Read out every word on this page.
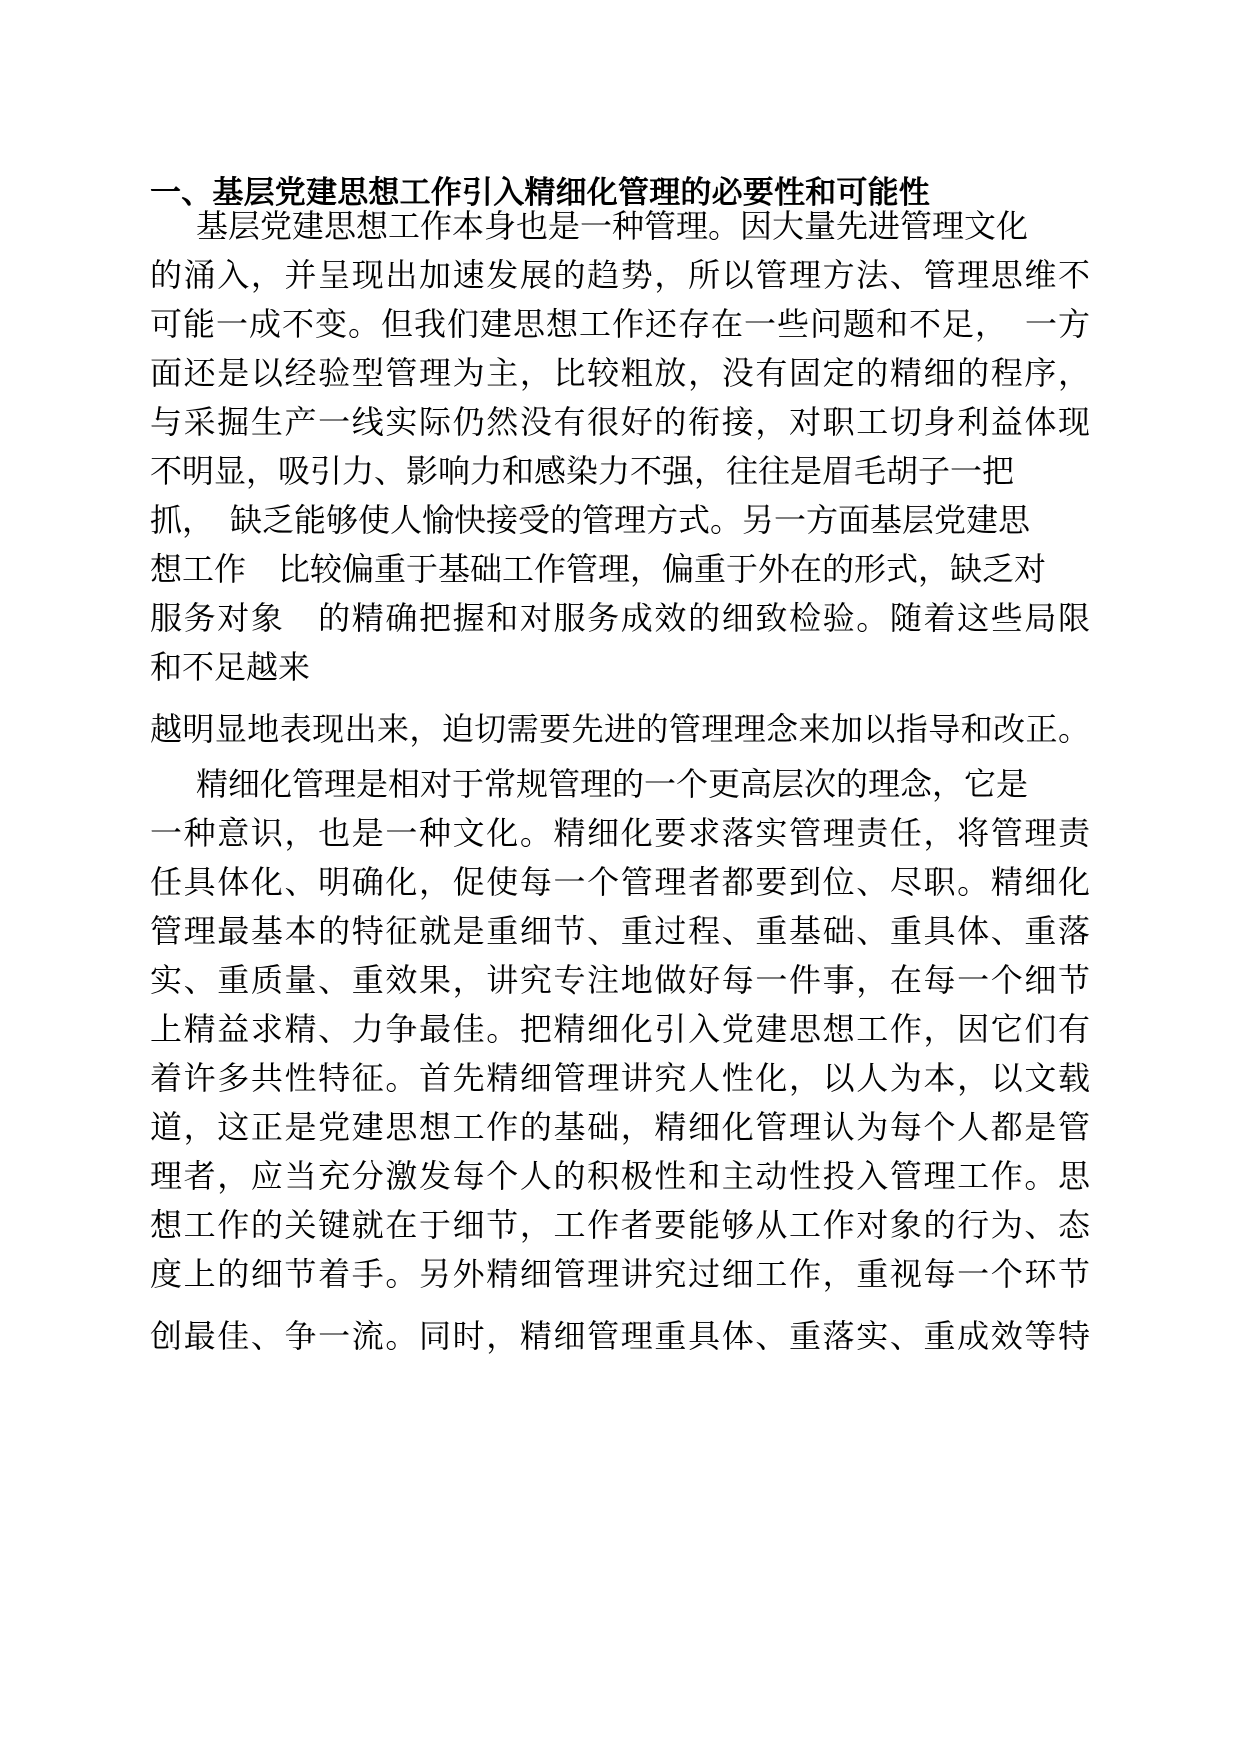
一、基层党建思想工作引入精细化管理的必要性和可能性
基层党建思想工作本身也是一种管理。因大量先进管理文化
的涌入，并呈现出加速发展的趋势，所以管理方法、管理思维不
可能一成不变。但我们建思想工作还存在一些问题和不足，　一方
面还是以经验型管理为主，比较粗放，没有固定的精细的程序，
与采掘生产一线实际仍然没有很好的衔接，对职工切身利益体现
不明显，吸引力、影响力和感染力不强，往往是眉毛胡子一把
抓，　缺乏能够使人愉快接受的管理方式。另一方面基层党建思
想工作　比较偏重于基础工作管理，偏重于外在的形式，缺乏对
服务对象　的精确把握和对服务成效的细致检验。随着这些局限
和不足越来
越明显地表现出来，迫切需要先进的管理理念来加以指导和改正。
精细化管理是相对于常规管理的一个更高层次的理念，它是
一种意识，也是一种文化。精细化要求落实管理责任，将管理责
任具体化、明确化，促使每一个管理者都要到位、尽职。精细化
管理最基本的特征就是重细节、重过程、重基础、重具体、重落
实、重质量、重效果，讲究专注地做好每一件事，在每一个细节
上精益求精、力争最佳。把精细化引入党建思想工作，因它们有
着许多共性特征。首先精细管理讲究人性化，以人为本，以文载
道，这正是党建思想工作的基础，精细化管理认为每个人都是管
理者，应当充分激发每个人的积极性和主动性投入管理工作。思
想工作的关键就在于细节，工作者要能够从工作对象的行为、态
度上的细节着手。另外精细管理讲究过细工作，重视每一个环节
创最佳、争一流。同时，精细管理重具体、重落实、重成效等特
